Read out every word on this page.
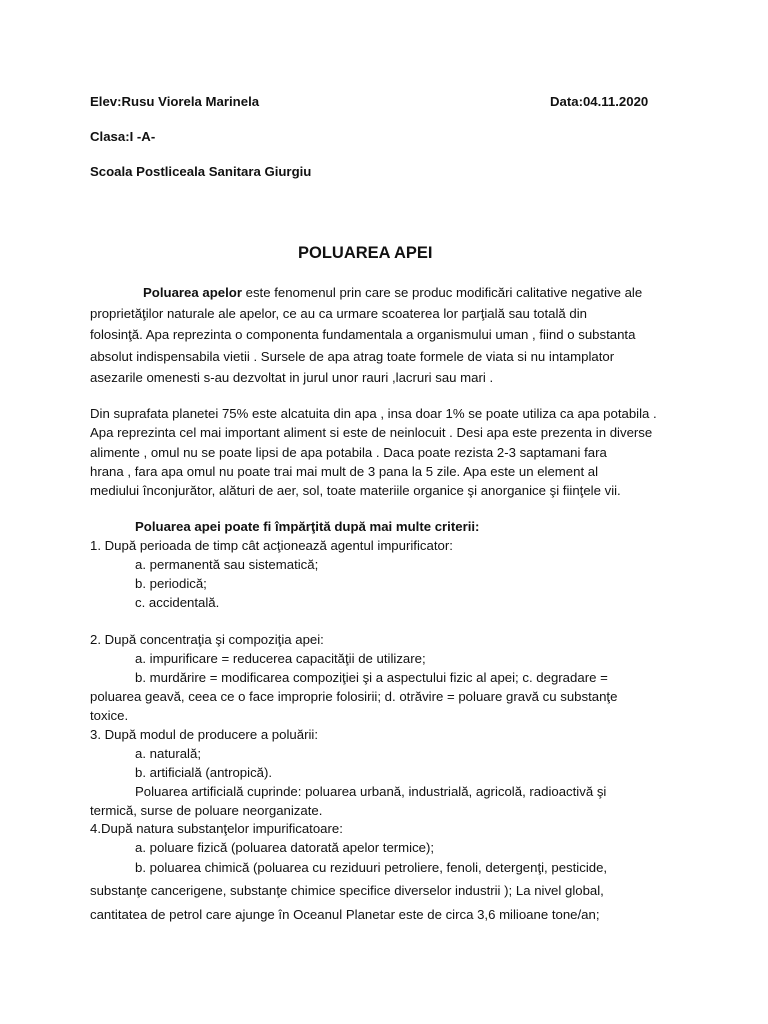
Elev:Rusu Viorela Marinela	Data:04.11.2020
Clasa:I -A-
Scoala Postliceala Sanitara Giurgiu
POLUAREA APEI
Poluarea apelor este fenomenul prin care se produc modificări calitative negative ale
proprietăţilor naturale ale apelor, ce au ca urmare scoaterea lor parţială sau totală din
folosinţă. Apa reprezinta o componenta fundamentala a organismului uman , fiind o substanta
absolut indispensabila vietii . Sursele de apa atrag toate formele de viata si nu intamplator
asezarile omenesti s-au dezvoltat in jurul unor rauri ,lacruri sau mari .
Din suprafata planetei 75% este alcatuita din apa , insa doar 1% se poate utiliza ca apa potabila .
Apa reprezinta cel mai important aliment si este de neinlocuit . Desi apa este prezenta in diverse
alimente , omul nu se poate lipsi de apa potabila . Daca poate rezista 2-3 saptamani fara
hrana , fara apa omul nu poate trai mai mult de 3 pana la 5 zile. Apa este un element al
mediului înconjurător, alături de aer, sol, toate materiile organice şi anorganice şi fiinţele vii.
Poluarea apei poate fi împărţită după mai multe criterii:
1. După perioada de timp cât acţionează agentul impurificator:
a. permanentă sau sistematică;
b. periodică;
c. accidentală.
2. După concentraţia şi compoziţia apei:
a. impurificare = reducerea capacităţii de utilizare;
b. murdărire = modificarea compoziţiei şi a aspectului fizic al apei; c. degradare =
poluarea geavă, ceea ce o face improprie folosirii; d. otrăvire = poluare gravă cu substanţe
toxice.
3. După modul de producere a poluării:
a. naturală;
b. artificială (antropică).
Poluarea artificială cuprinde: poluarea urbană, industrială, agricolă, radioactivă şi
termică, surse de poluare neorganizate.
4.După natura substanţelor impurificatoare:
a. poluare fizică (poluarea datorată apelor termice);
b. poluarea chimică (poluarea cu reziduuri petroliere, fenoli, detergenţi, pesticide,
substanţe cancerigene, substanţe chimice specifice diverselor industrii ); La nivel global,
cantitatea de petrol care ajunge în Oceanul Planetar este de circa 3,6 milioane tone/an;
